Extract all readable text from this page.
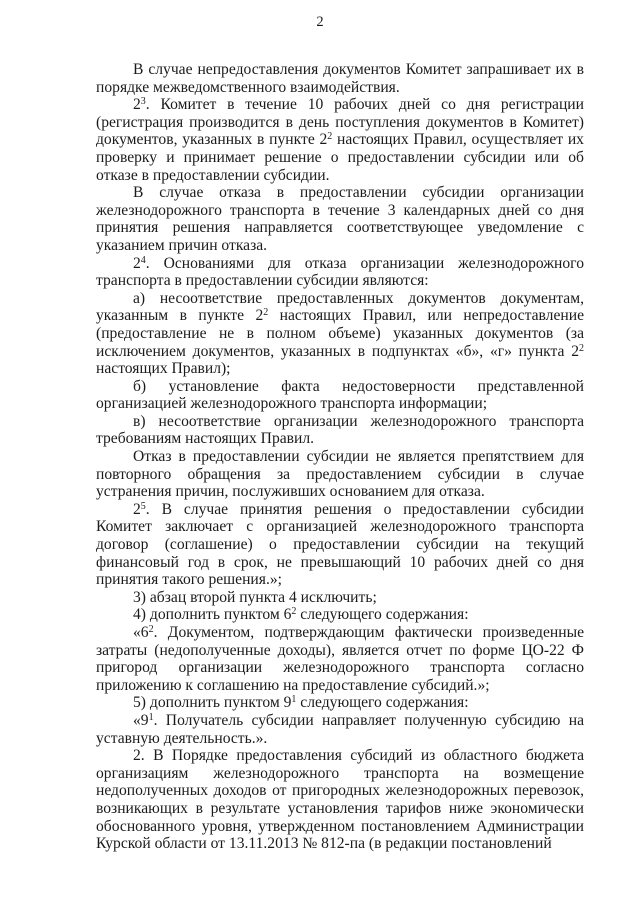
2

В случае непредоставления документов Комитет запрашивает их в порядке межведомственного взаимодействия.

$2^3$. Комитет в течение 10 рабочих дней со дня регистрации (регистрация производится в день поступления документов в Комитет) документов, указанных в пункте $2^2$ настоящих Правил, осуществляет их проверку и принимает решение о предоставлении субсидии или об отказе в предоставлении субсидии.

В случае отказа в предоставлении субсидии организации железнодорожного транспорта в течение 3 календарных дней со дня принятия решения направляется соответствующее уведомление с указанием причин отказа.

$2^4$. Основаниями для отказа организации железнодорожного транспорта в предоставлении субсидии являются:

а) несоответствие предоставленных документов документам, указанным в пункте $2^2$ настоящих Правил, или непредоставление (предоставление не в полном объеме) указанных документов (за исключением документов, указанных в подпунктах «б», «г» пункта $2^2$ настоящих Правил);

б) установление факта недостоверности представленной организацией железнодорожного транспорта информации;

в) несоответствие организации железнодорожного транспорта требованиям настоящих Правил.

Отказ в предоставлении субсидии не является препятствием для повторного обращения за предоставлением субсидии в случае устранения причин, послуживших основанием для отказа.

$2^5$. В случае принятия решения о предоставлении субсидии Комитет заключает с организацией железнодорожного транспорта договор (соглашение) о предоставлении субсидии на текущий финансовый год в срок, не превышающий 10 рабочих дней со дня принятия такого решения.»;

3) абзац второй пункта 4 исключить;

4) дополнить пунктом $6^2$ следующего содержания:

«$6^2$. Документом, подтверждающим фактически произведенные затраты (недополученные доходы), является отчет по форме ЦО-22 Ф пригород организации железнодорожного транспорта согласно приложению к соглашению на предоставление субсидий.»;

5) дополнить пунктом $9^1$ следующего содержания:

«$9^1$. Получатель субсидии направляет полученную субсидию на уставную деятельность.».

2. В Порядке предоставления субсидий из областного бюджета организациям железнодорожного транспорта на возмещение недополученных доходов от пригородных железнодорожных перевозок, возникающих в результате установления тарифов ниже экономически обоснованного уровня, утвержденном постановлением Администрации Курской области от 13.11.2013 № 812-па (в редакции постановлений
